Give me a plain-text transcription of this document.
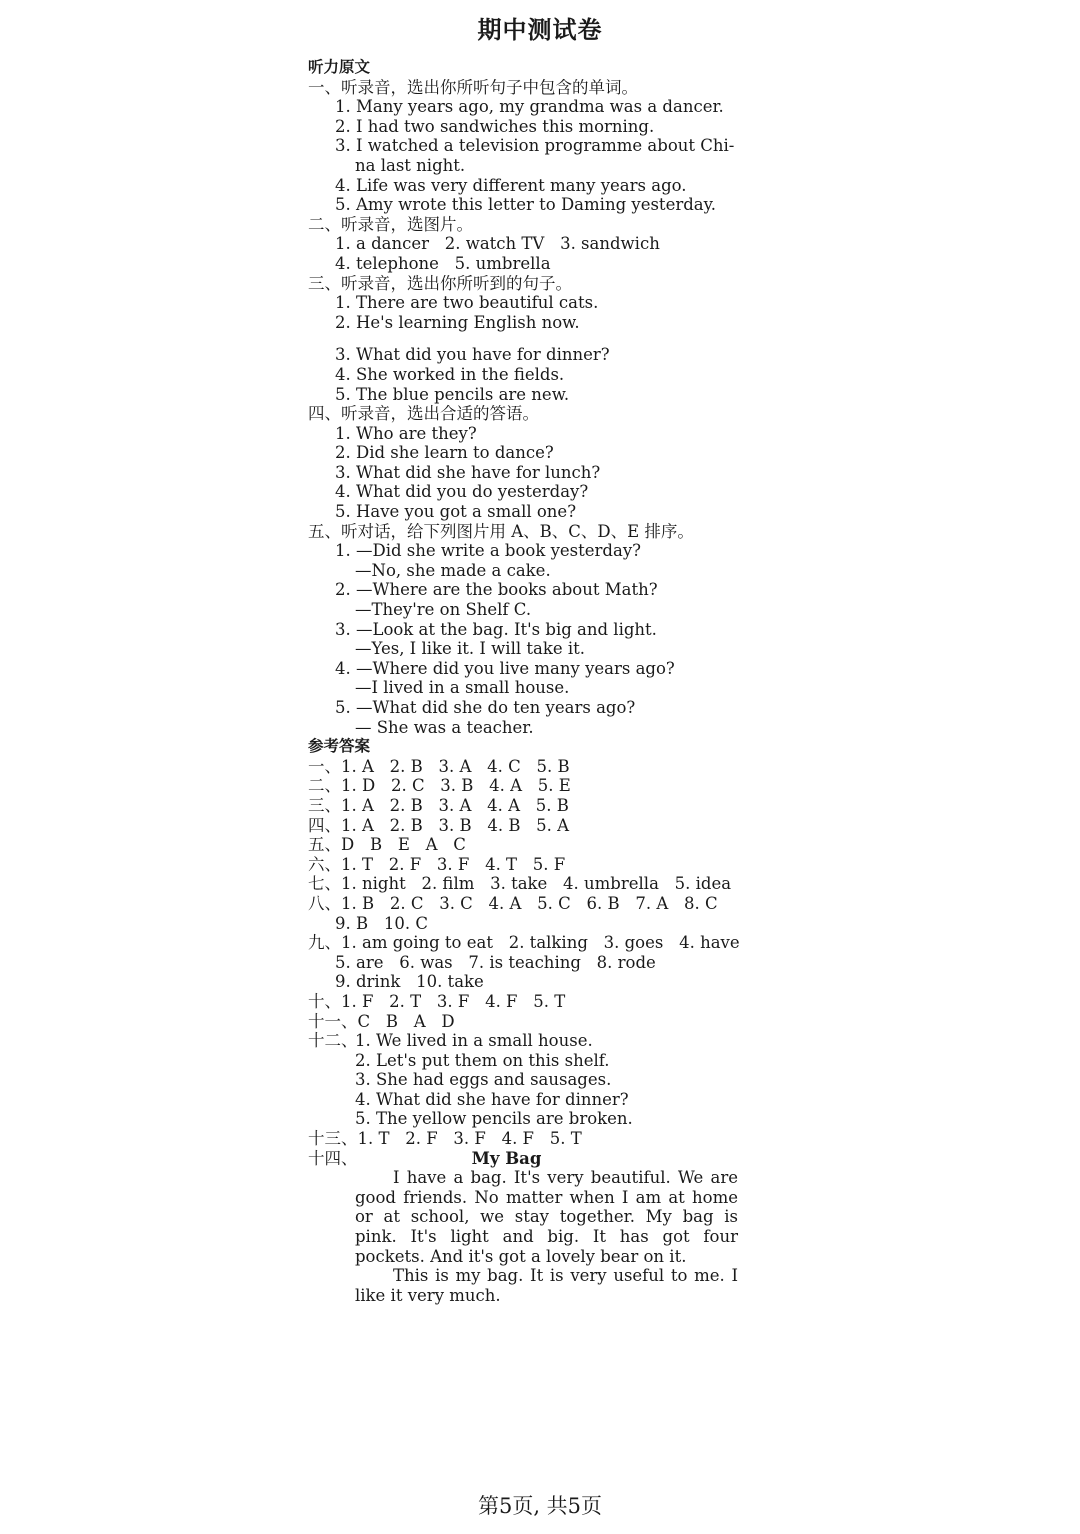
期中测试卷
听力原文
一、听录音，选出你所听句子中包含的单词。
1. Many years ago, my grandma was a dancer.
2. I had two sandwiches this morning.
3. I watched a television programme about Chi-
na last night.
4. Life was very different many years ago.
5. Amy wrote this letter to Daming yesterday.
二、听录音，选图片。
1. a dancer   2. watch TV   3. sandwich
4. telephone   5. umbrella
三、听录音，选出你所听到的句子。
1. There are two beautiful cats.
2. He's learning English now.
3. What did you have for dinner?
4. She worked in the fields.
5. The blue pencils are new.
四、听录音，选出合适的答语。
1. Who are they?
2. Did she learn to dance?
3. What did she have for lunch?
4. What did you do yesterday?
5. Have you got a small one?
五、听对话，给下列图片用 A、B、C、D、E 排序。
1. —Did she write a book yesterday?
—No, she made a cake.
2. —Where are the books about Math?
—They're on Shelf C.
3. —Look at the bag. It's big and light.
—Yes, I like it. I will take it.
4. —Where did you live many years ago?
—I lived in a small house.
5. —What did she do ten years ago?
— She was a teacher.
参考答案
一、1. A   2. B   3. A   4. C   5. B
二、1. D   2. C   3. B   4. A   5. E
三、1. A   2. B   3. A   4. A   5. B
四、1. A   2. B   3. B   4. B   5. A
五、D   B   E   A   C
六、1. T   2. F   3. F   4. T   5. F
七、1. night   2. film   3. take   4. umbrella   5. idea
八、1. B   2. C   3. C   4. A   5. C   6. B   7. A   8. C
9. B   10. C
九、1. am going to eat   2. talking   3. goes   4. have
5. are   6. was   7. is teaching   8. rode
9. drink   10. take
十、1. F   2. T   3. F   4. F   5. T
十一、C   B   A   D
十二、
1. We lived in a small house.
2. Let's put them on this shelf.
3. She had eggs and sausages.
4. What did she have for dinner?
5. The yellow pencils are broken.
十三、1. T   2. F   3. F   4. F   5. T
十四、	My Bag

I have a bag. It's very beautiful. We are good friends. No matter when I am at home or at school, we stay together. My bag is pink. It's light and big. It has got four pockets. And it's got a lovely bear on it.

This is my bag. It is very useful to me. I like it very much.

第5页, 共5页
